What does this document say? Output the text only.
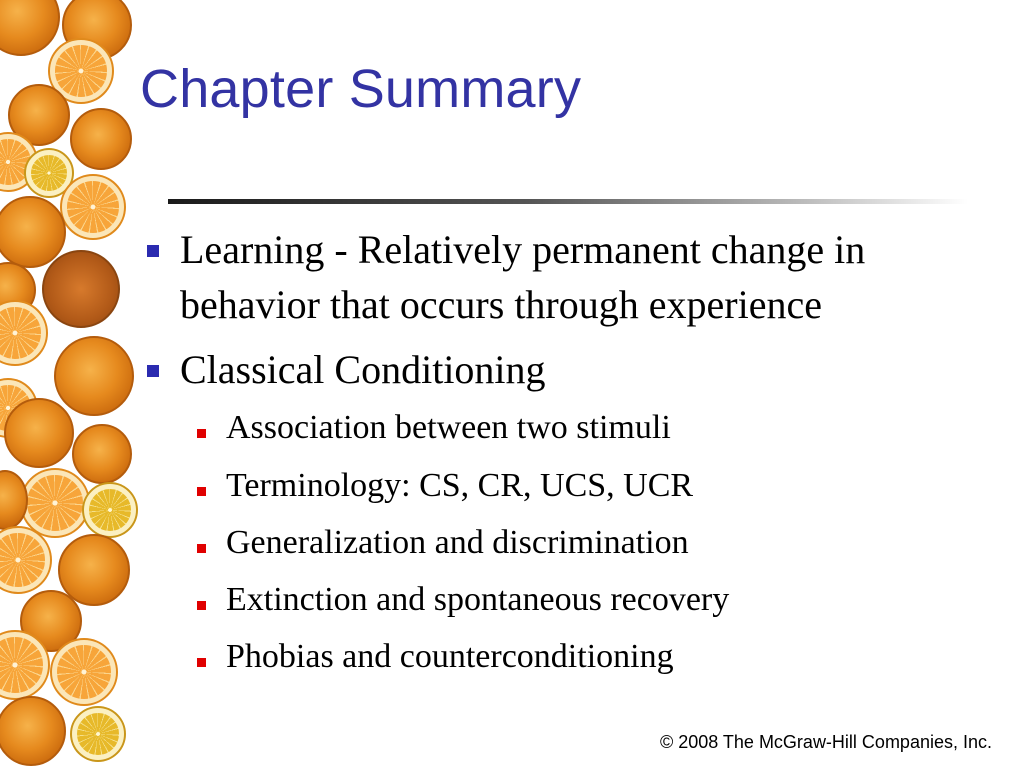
Chapter Summary
Learning - Relatively permanent change in behavior that occurs through experience
Classical Conditioning
Association between two stimuli
Terminology: CS, CR, UCS, UCR
Generalization and discrimination
Extinction and spontaneous recovery
Phobias and counterconditioning
© 2008 The McGraw-Hill Companies, Inc.
